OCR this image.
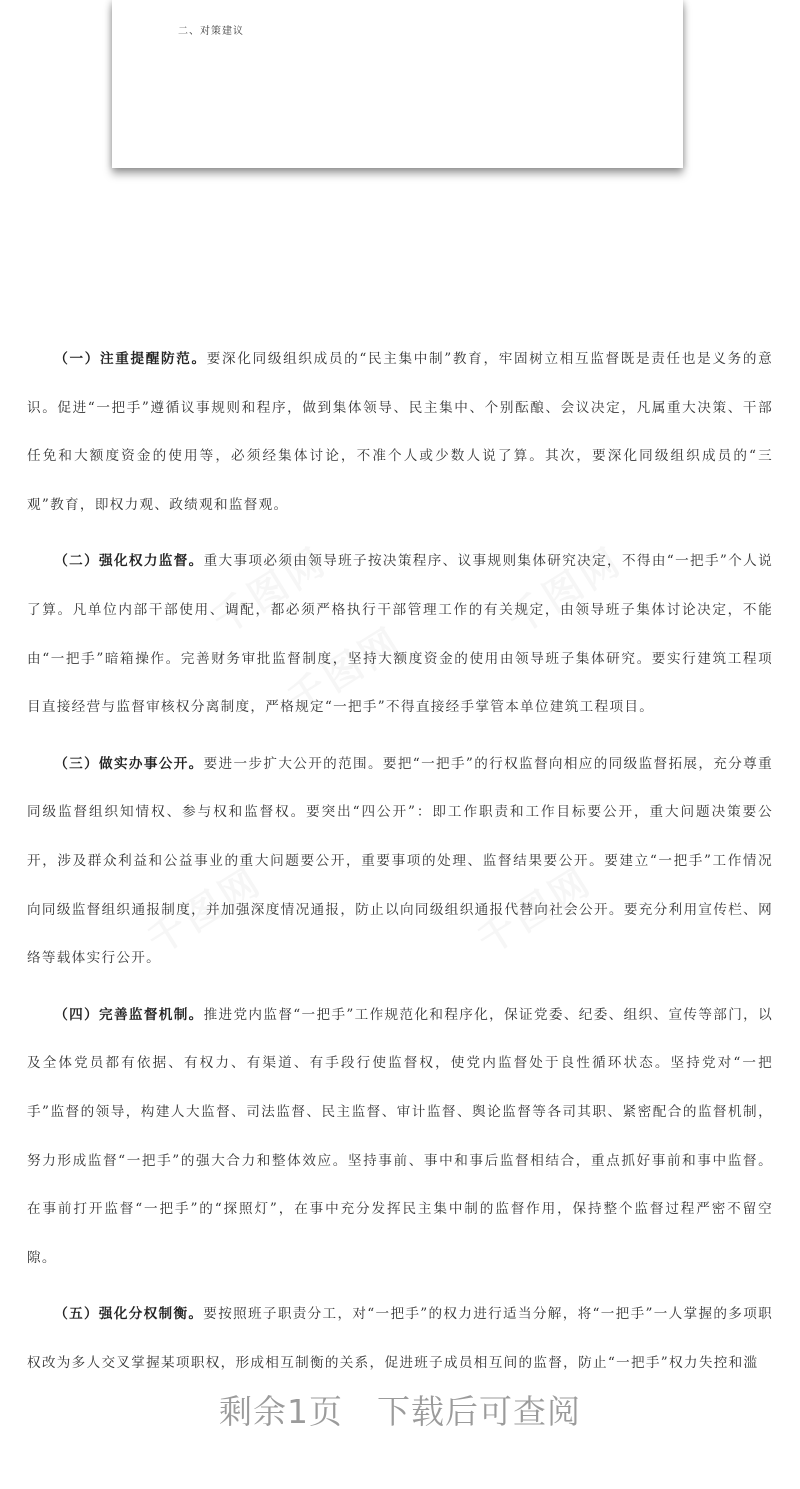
二、对策建议
千图网	千图网
千图网
千图网	千图网

（一）注重提醒防范。要深化同级组织成员的“民主集中制”教育，牢固树立相互监督既是责任也是义务的意识。促进“一把手”遵循议事规则和程序，做到集体领导、民主集中、个别酝酿、会议决定，凡属重大决策、干部任免和大额度资金的使用等，必须经集体讨论，不准个人或少数人说了算。其次，要深化同级组织成员的“三观”教育，即权力观、政绩观和监督观。

（二）强化权力监督。重大事项必须由领导班子按决策程序、议事规则集体研究决定，不得由“一把手”个人说了算。凡单位内部干部使用、调配，都必须严格执行干部管理工作的有关规定，由领导班子集体讨论决定，不能由“一把手”暗箱操作。完善财务审批监督制度，坚持大额度资金的使用由领导班子集体研究。要实行建筑工程项目直接经营与监督审核权分离制度，严格规定“一把手”不得直接经手掌管本单位建筑工程项目。

（三）做实办事公开。要进一步扩大公开的范围。要把“一把手”的行权监督向相应的同级监督拓展，充分尊重同级监督组织知情权、参与权和监督权。要突出“四公开”：即工作职责和工作目标要公开，重大问题决策要公开，涉及群众利益和公益事业的重大问题要公开，重要事项的处理、监督结果要公开。要建立“一把手”工作情况向同级监督组织通报制度，并加强深度情况通报，防止以向同级组织通报代替向社会公开。要充分利用宣传栏、网络等载体实行公开。

（四）完善监督机制。推进党内监督“一把手”工作规范化和程序化，保证党委、纪委、组织、宣传等部门，以及全体党员都有依据、有权力、有渠道、有手段行使监督权，使党内监督处于良性循环状态。坚持党对“一把手”监督的领导，构建人大监督、司法监督、民主监督、审计监督、舆论监督等各司其职、紧密配合的监督机制，努力形成监督“一把手”的强大合力和整体效应。坚持事前、事中和事后监督相结合，重点抓好事前和事中监督。在事前打开监督“一把手”的“探照灯”，在事中充分发挥民主集中制的监督作用，保持整个监督过程严密不留空隙。

（五）强化分权制衡。要按照班子职责分工，对“一把手”的权力进行适当分解，将“一把手”一人掌握的多项职权改为多人交叉掌握某项职权，形成相互制衡的关系，促进班子成员相互间的监督，防止“一把手”权力失控和滥

剩余1页 下载后可查阅
